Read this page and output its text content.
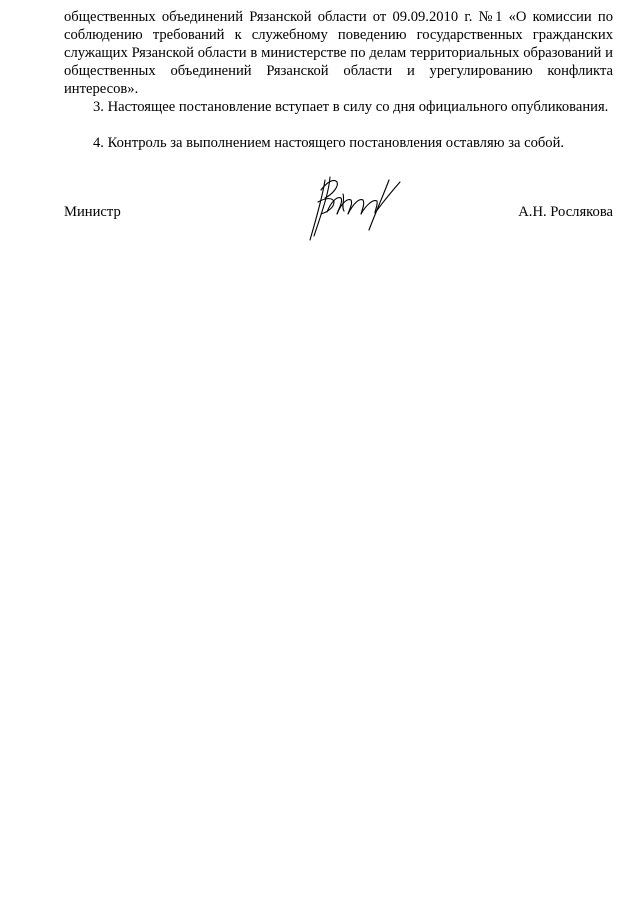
общественных объединений Рязанской области от 09.09.2010 г. №1 «О комиссии по соблюдению требований к служебному поведению государственных гражданских служащих Рязанской области в министерстве по делам территориальных образований и общественных объединений Рязанской области и урегулированию конфликта интересов».

3. Настоящее постановление вступает в силу со дня официального опубликования.

4. Контроль за выполнением настоящего постановления оставляю за собой.

Министр	А.Н. Рослякова
